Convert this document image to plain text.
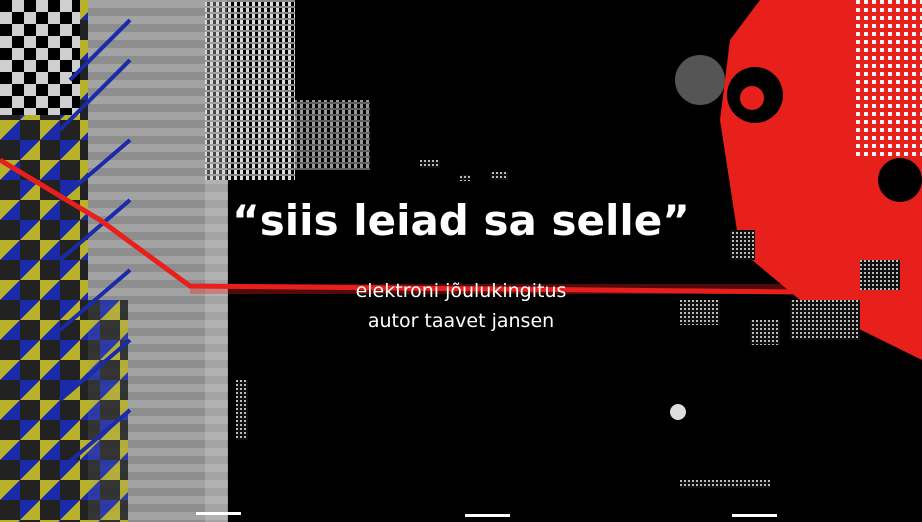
“siis leiad sa selle”
elektroni jõulukingitus
autor taavet jansen
